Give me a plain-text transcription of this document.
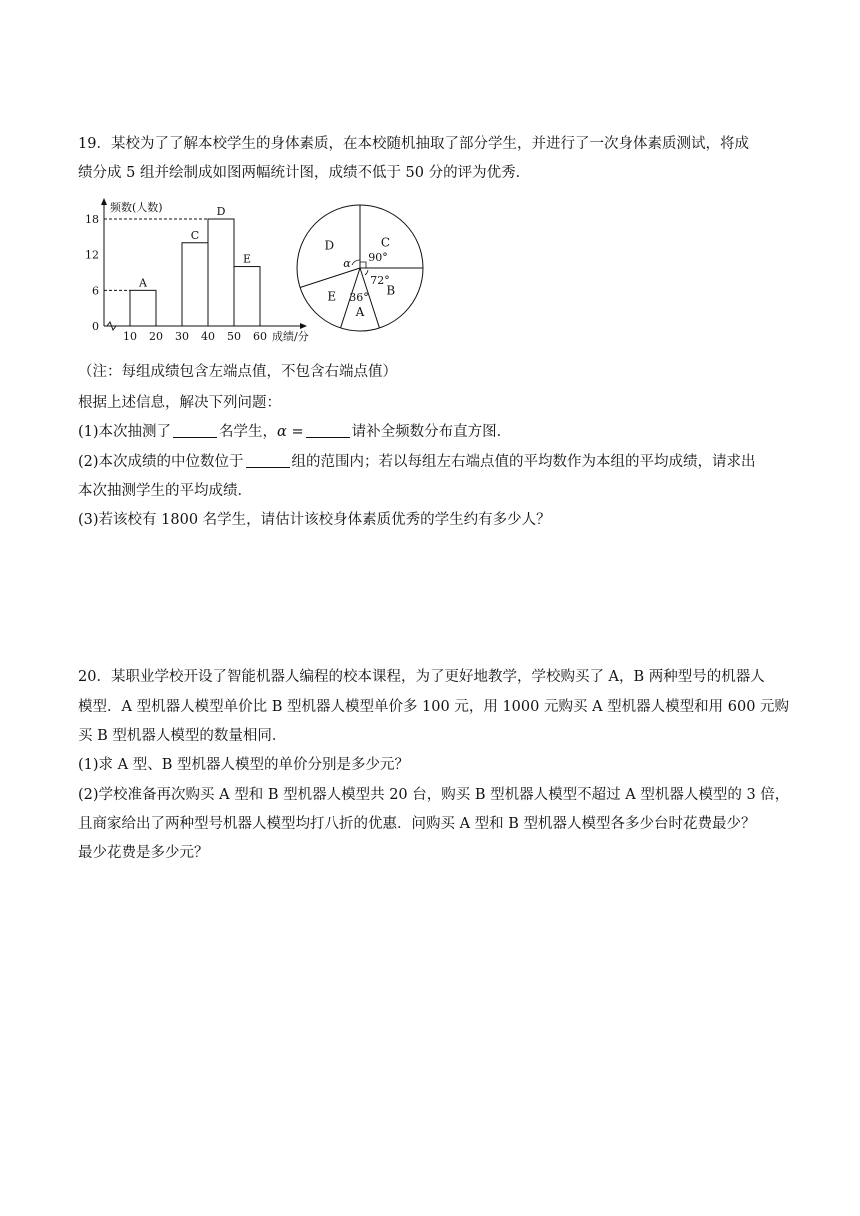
19．某校为了了解本校学生的身体素质，在本校随机抽取了部分学生，并进行了一次身体素质测试，将成
绩分成 5 组并绘制成如图两幅统计图，成绩不低于 50 分的评为优秀．
0
6
12
18
10 20 30 40 50 60 成绩/分
频数(人数)
A
C
D
E
C
B
A
E
D
90°
72°
36°
α
（注：每组成绩包含左端点值，不包含右端点值）
根据上述信息，解决下列问题：
(1)本次抽测了	名学生，α =	请补全频数分布直方图．
(2)本次成绩的中位数位于	组的范围内；若以每组左右端点值的平均数作为本组的平均成绩，请求出
本次抽测学生的平均成绩．
(3)若该校有 1800 名学生，请估计该校身体素质优秀的学生约有多少人？
20．某职业学校开设了智能机器人编程的校本课程，为了更好地教学，学校购买了 A，B 两种型号的机器人
模型．A 型机器人模型单价比 B 型机器人模型单价多 100 元，用 1000 元购买 A 型机器人模型和用 600 元购
买 B 型机器人模型的数量相同．
(1)求 A 型、B 型机器人模型的单价分别是多少元？
(2)学校准备再次购买 A 型和 B 型机器人模型共 20 台，购买 B 型机器人模型不超过 A 型机器人模型的 3 倍，
且商家给出了两种型号机器人模型均打八折的优惠．问购买 A 型和 B 型机器人模型各多少台时花费最少？
最少花费是多少元？
